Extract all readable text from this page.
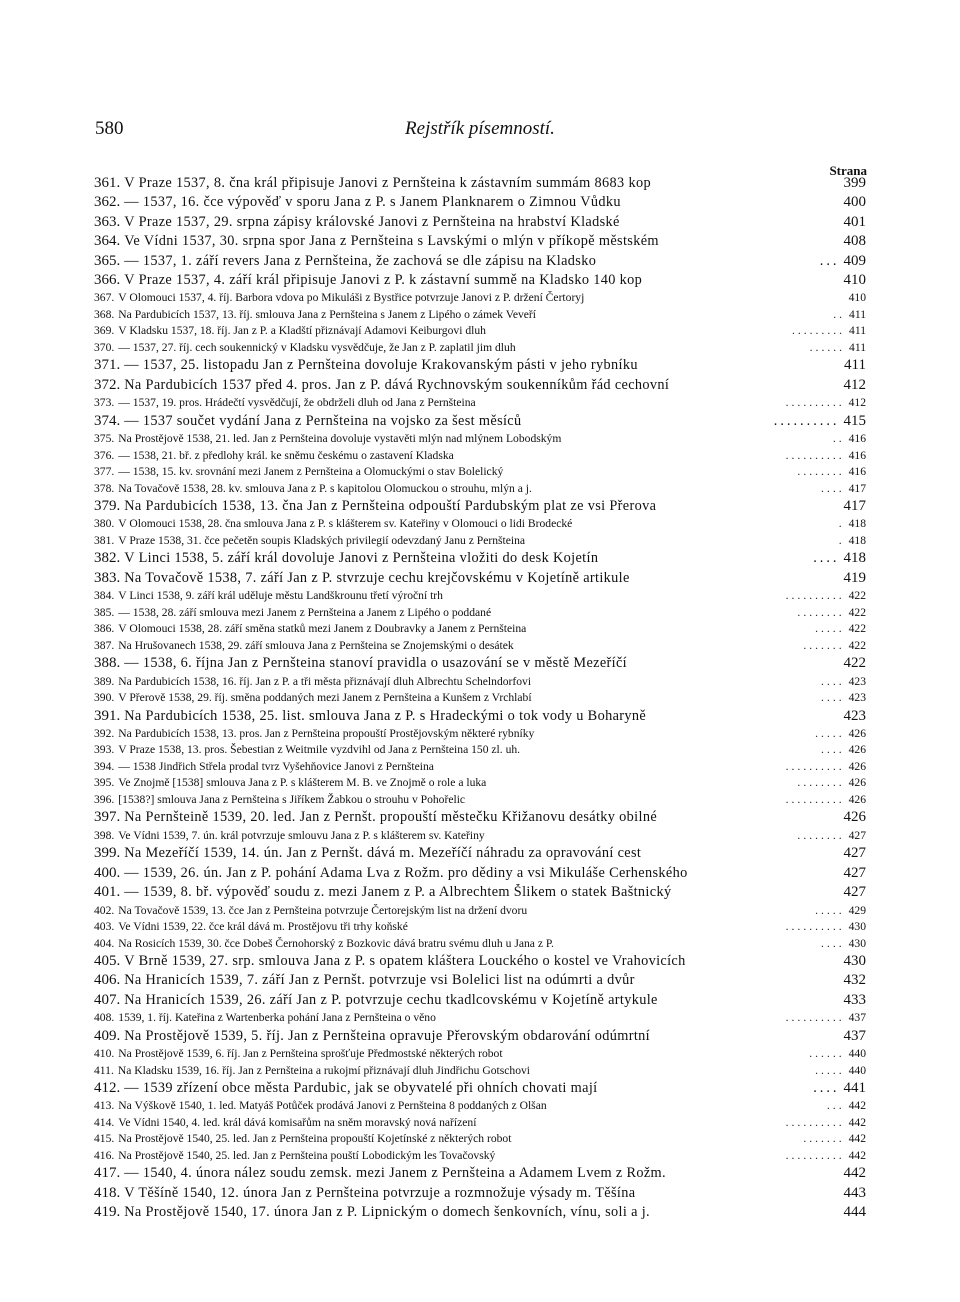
580	Rejstřík písemností.
Strana
361. V Praze 1537, 8. čna král připisuje Janovi z Pernšteina k zástavním summám 8683 kop	399
362. — 1537, 16. čce výpověď v sporu Jana z P. s Janem Planknarem o Zimnou Vůdku	400
363. V Praze 1537, 29. srpna zápisy královské Janovi z Pernšteina na hrabství Kladské	401
364. Ve Vídni 1537, 30. srpna spor Jana z Pernšteina s Lavskými o mlýn v příkopě městském	408
365. — 1537, 1. září revers Jana z Pernšteina, že zachová se dle zápisu na Kladsko	... 409
366. V Praze 1537, 4. září král připisuje Janovi z P. k zástavní summě na Kladsko 140 kop	410
367. V Olomouci 1537, 4. říj. Barbora vdova po Mikuláši z Bystřice potvrzuje Janovi z P. držení Čertoryj	410
368. Na Pardubicích 1537, 13. říj. smlouva Jana z Pernšteina s Janem z Lipého o zámek Veveří	.. 411
369. V Kladsku 1537, 18. říj. Jan z P. a Kladští přiznávají Adamovi Keiburgovi dluh	......... 411
370. — 1537, 27. říj. cech soukennický v Kladsku vysvědčuje, že Jan z P. zaplatil jim dluh	...... 411
371. — 1537, 25. listopadu Jan z Pernšteina dovoluje Krakovanským pásti v jeho rybníku	411
372. Na Pardubicích 1537 před 4. pros. Jan z P. dává Rychnovským soukenníkům řád cechovní	412
373. — 1537, 19. pros. Hrádečtí vysvědčují, že obdrželi dluh od Jana z Pernšteina	.......... 412
374. — 1537 součet vydání Jana z Pernšteina na vojsko za šest měsíců	.......... 415
375. Na Prostějově 1538, 21. led. Jan z Pernšteina dovoluje vystavěti mlýn nad mlýnem Lobodským	.. 416
376. — 1538, 21. bř. z předlohy král. ke sněmu českému o zastavení Kladska	.......... 416
377. — 1538, 15. kv. srovnání mezi Janem z Pernšteina a Olomuckými o stav Bolelický	........ 416
378. Na Tovačově 1538, 28. kv. smlouva Jana z P. s kapitolou Olomuckou o strouhu, mlýn a j.	.... 417
379. Na Pardubicích 1538, 13. čna Jan z Pernšteina odpouští Pardubským plat ze vsi Přerova	417
380. V Olomouci 1538, 28. čna smlouva Jana z P. s klášterem sv. Kateřiny v Olomouci o lidi Brodecké	. 418
381. V Praze 1538, 31. čce pečetěn soupis Kladských privilegií odevzdaný Janu z Pernšteina	. 418
382. V Linci 1538, 5. září král dovoluje Janovi z Pernšteina vložiti do desk Kojetín	.... 418
383. Na Tovačově 1538, 7. září Jan z P. stvrzuje cechu krejčovskému v Kojetíně artikule	419
384. V Linci 1538, 9. září král uděluje městu Landškrounu třetí výroční trh	.......... 422
385. — 1538, 28. září smlouva mezi Janem z Pernšteina a Janem z Lipého o poddané	........ 422
386. V Olomouci 1538, 28. září směna statků mezi Janem z Doubravky a Janem z Pernšteina	..... 422
387. Na Hrušovanech 1538, 29. září smlouva Jana z Pernšteina se Znojemskými o desátek	....... 422
388. — 1538, 6. října Jan z Pernšteina stanoví pravidla o usazování se v městě Mezeříčí	422
389. Na Pardubicích 1538, 16. říj. Jan z P. a tři města přiznávají dluh Albrechtu Schelndorfovi	.... 423
390. V Přerově 1538, 29. říj. směna poddaných mezi Janem z Pernšteina a Kunšem z Vrchlabí	.... 423
391. Na Pardubicích 1538, 25. list. smlouva Jana z P. s Hradeckými o tok vody u Boharyně	423
392. Na Pardubicích 1538, 13. pros. Jan z Pernšteina propouští Prostějovským některé rybníky	..... 426
393. V Praze 1538, 13. pros. Šebestian z Weitmile vyzdvihl od Jana z Pernšteina 150 zl. uh.	.... 426
394. — 1538 Jindřich Střela prodal tvrz Vyšehňovice Janovi z Pernšteina	.......... 426
395. Ve Znojmě [1538] smlouva Jana z P. s klášterem M. B. ve Znojmě o role a luka	........ 426
396. [1538?] smlouva Jana z Pernšteina s Jiříkem Žabkou o strouhu v Pohořelic	.......... 426
397. Na Pernšteině 1539, 20. led. Jan z Pernšt. propouští městečku Křižanovu desátky obilné	426
398. Ve Vídni 1539, 7. ún. král potvrzuje smlouvu Jana z P. s klášterem sv. Kateřiny	........ 427
399. Na Mezeříčí 1539, 14. ún. Jan z Pernšt. dává m. Mezeříčí náhradu za opravování cest	427
400. — 1539, 26. ún. Jan z P. pohání Adama Lva z Rožm. pro dědiny a vsi Mikuláše Cerhenského	427
401. — 1539, 8. bř. výpověď soudu z. mezi Janem z P. a Albrechtem Šlikem o statek Baštnický	427
402. Na Tovačově 1539, 13. čce Jan z Pernšteina potvrzuje Čertorejským list na držení dvoru	..... 429
403. Ve Vídni 1539, 22. čce král dává m. Prostějovu tři trhy koňské	.......... 430
404. Na Rosicích 1539, 30. čce Dobeš Černohorský z Bozkovic dává bratru svému dluh u Jana z P.	.... 430
405. V Brně 1539, 27. srp. smlouva Jana z P. s opatem kláštera Louckého o kostel ve Vrahovicích	430
406. Na Hranicích 1539, 7. září Jan z Pernšt. potvrzuje vsi Bolelici list na odúmrti a dvůr	432
407. Na Hranicích 1539, 26. září Jan z P. potvrzuje cechu tkadlcovskému v Kojetíně artykule	433
408. 1539, 1. říj. Kateřina z Wartenberka pohání Jana z Pernšteina o věno	.......... 437
409. Na Prostějově 1539, 5. říj. Jan z Pernšteina opravuje Přerovským obdarování odúmrtní	437
410. Na Prostějově 1539, 6. říj. Jan z Pernšteina sprošťuje Předmostské některých robot	...... 440
411. Na Kladsku 1539, 16. říj. Jan z Pernšteina a rukojmí přiznávají dluh Jindřichu Gotschovi	..... 440
412. — 1539 zřízení obce města Pardubic, jak se obyvatelé při ohních chovati mají	.... 441
413. Na Výškově 1540, 1. led. Matyáš Potůček prodává Janovi z Pernšteina 8 poddaných z Olšan	... 442
414. Ve Vídni 1540, 4. led. král dává komisařům na sněm moravský nová nařízení	.......... 442
415. Na Prostějově 1540, 25. led. Jan z Pernšteina propouští Kojetínské z některých robot	....... 442
416. Na Prostějově 1540, 25. led. Jan z Pernšteina pouští Lobodickým les Tovačovský	.......... 442
417. — 1540, 4. února nález soudu zemsk. mezi Janem z Pernšteina a Adamem Lvem z Rožm.	442
418. V Těšíně 1540, 12. února Jan z Pernšteina potvrzuje a rozmnožuje výsady m. Těšína	443
419. Na Prostějově 1540, 17. února Jan z P. Lipnickým o domech šenkovních, vínu, soli a j.	444
